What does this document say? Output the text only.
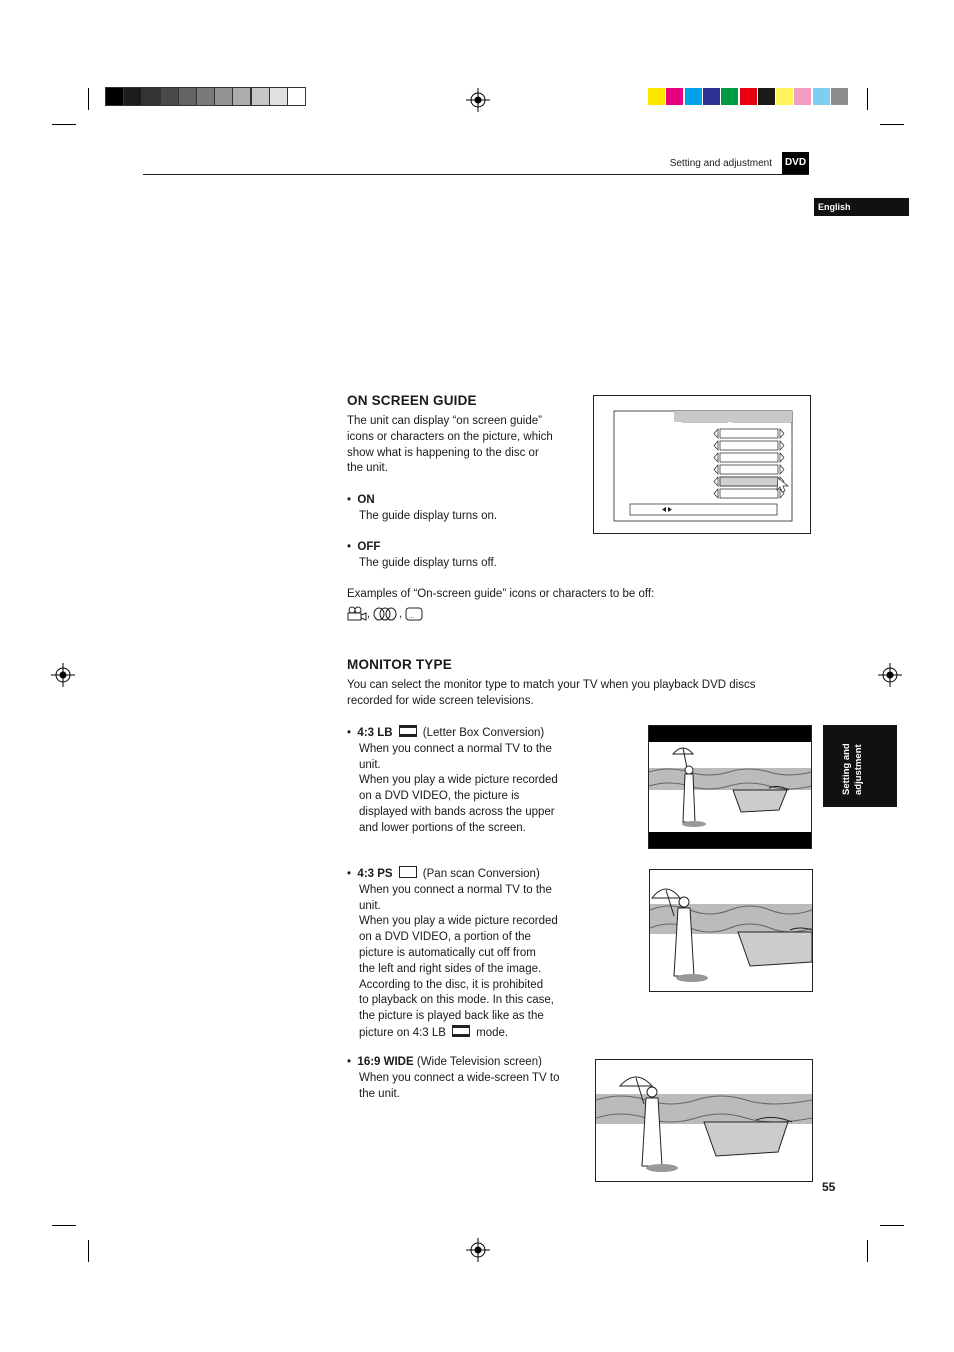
Setting and adjustment DVD
English
Setting and adjustment
ON SCREEN GUIDE
The unit can display “on screen guide”
icons or characters on the picture, which
show what is happening to the disc or
the unit.
•  ON
The guide display turns on.
•  OFF
The guide display turns off.
Examples of “On-screen guide” icons or characters to be off:
, , ...
MONITOR TYPE
You can select the monitor type to match your TV when you playback DVD discs
recorded for wide screen televisions.
•  4:3 LB	(Letter Box Conversion)
When you connect a normal TV to the
unit.
When you play a wide picture recorded
on a DVD VIDEO, the picture is
displayed with bands across the upper
and lower portions of the screen.
•  4:3 PS	(Pan scan Conversion)
When you connect a normal TV to the
unit.
When you play a wide picture recorded
on a DVD VIDEO, a portion of the
picture is automatically cut off from
the left and right sides of the image.
According to the disc, it is prohibited
to playback on this mode. In this case,
the picture is played back like as the
picture on 4:3 LB	mode.
•  16:9 WIDE (Wide Television screen)
When you connect a wide-screen TV to
the unit.
55
